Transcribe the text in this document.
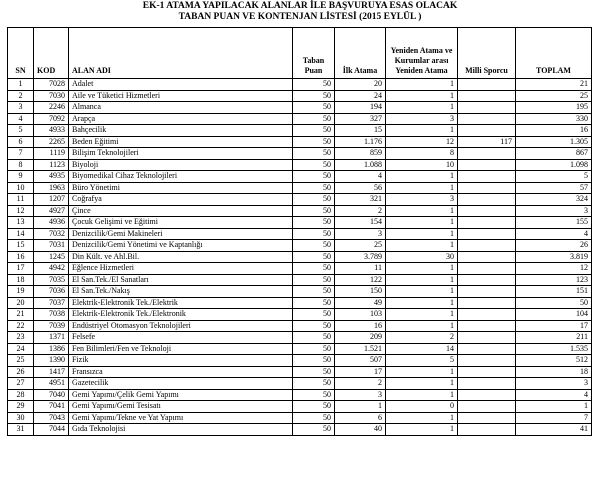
EK-1 ATAMA YAPILACAK ALANLAR İLE BAŞVURUYA ESAS OLACAK
TABAN PUAN VE KONTENJAN LİSTESİ (2015 EYLÜL )
SN	KOD	ALAN ADI	Taban Puan	İlk Atama	Yeniden Atama ve Kurumlar arası Yeniden Atama	Milli Sporcu	TOPLAM
1	7028	Adalet	50	20	1		21
2	7030	Aile ve Tüketici Hizmetleri	50	24	1		25
3	2246	Almanca	50	194	1		195
4	7092	Arapça	50	327	3		330
5	4933	Bahçecilik	50	15	1		16
6	2265	Beden Eğitimi	50	1.176	12	117	1.305
7	1119	Bilişim Teknolojileri	50	859	8		867
8	1123	Biyoloji	50	1.088	10		1.098
9	4935	Biyomedikal Cihaz Teknolojileri	50	4	1		5
10	1963	Büro Yönetimi	50	56	1		57
11	1207	Coğrafya	50	321	3		324
12	4927	Çince	50	2	1		3
13	4936	Çocuk Gelişimi ve Eğitimi	50	154	1		155
14	7032	Denizcilik/Gemi Makineleri	50	3	1		4
15	7031	Denizcilik/Gemi Yönetimi ve Kaptanlığı	50	25	1		26
16	1245	Din Kült. ve Ahl.Bil.	50	3.789	30		3.819
17	4942	Eğlence Hizmetleri	50	11	1		12
18	7035	El San.Tek./El Sanatları	50	122	1		123
19	7036	El San.Tek./Nakış	50	150	1		151
20	7037	Elektrik-Elektronik Tek./Elektrik	50	49	1		50
21	7038	Elektrik-Elektronik Tek./Elektronik	50	103	1		104
22	7039	Endüstriyel Otomasyon Teknolojileri	50	16	1		17
23	1371	Felsefe	50	209	2		211
24	1386	Fen Bilimleri/Fen ve Teknoloji	50	1.521	14		1.535
25	1390	Fizik	50	507	5		512
26	1417	Fransızca	50	17	1		18
27	4951	Gazetecilik	50	2	1		3
28	7040	Gemi Yapımı/Çelik Gemi Yapımı	50	3	1		4
29	7041	Gemi Yapımı/Gemi Tesisatı	50	1	0		1
30	7043	Gemi Yapımı/Tekne ve Yat Yapımı	50	6	1		7
31	7044	Gıda Teknolojisi	50	40	1		41
